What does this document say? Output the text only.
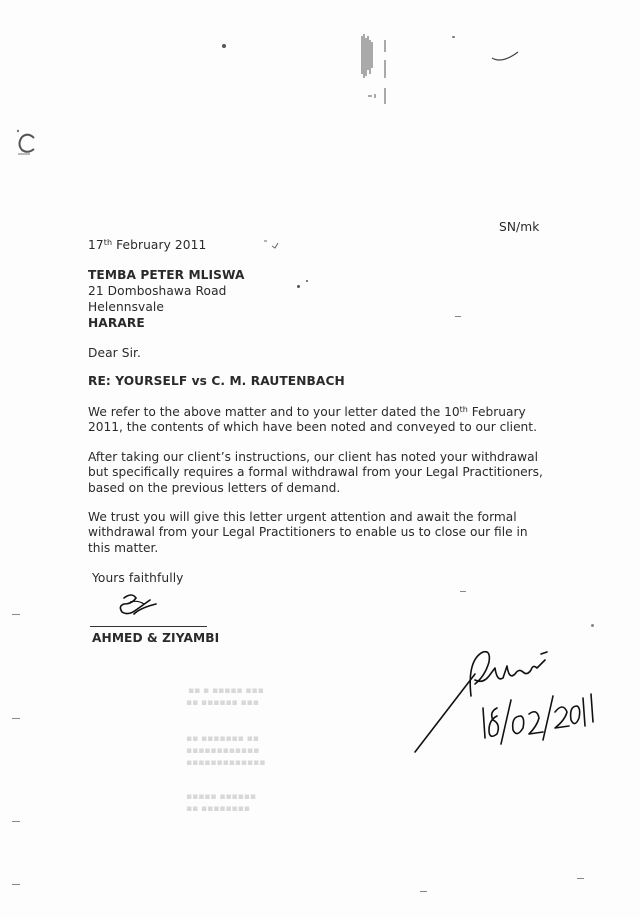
SN/mk
17th February 2011
TEMBA PETER MLISWA
21 Domboshawa Road
Helennsvale
HARARE
Dear Sir.
RE: YOURSELF vs C. M. RAUTENBACH
We refer to the above matter and to your letter dated the 10th February
2011, the contents of which have been noted and conveyed to our client.
After taking our client’s instructions, our client has noted your withdrawal
but specifically requires a formal withdrawal from your Legal Practitioners,
based on the previous letters of demand.
We trust you will give this letter urgent attention and await the formal
withdrawal from your Legal Practitioners to enable us to close our file in
this matter.
Yours faithfully
AHMED & ZIYAMBI
▪▪ ▪ ▪▪▪▪▪ ▪▪▪
▪▪ ▪▪▪▪▪▪ ▪▪▪
▪▪ ▪▪▪▪▪▪▪ ▪▪
▪▪▪▪▪▪▪▪▪▪▪▪
▪▪▪▪▪▪▪▪▪▪▪▪▪
▪▪▪▪▪ ▪▪▪▪▪▪
▪▪ ▪▪▪▪▪▪▪▪
